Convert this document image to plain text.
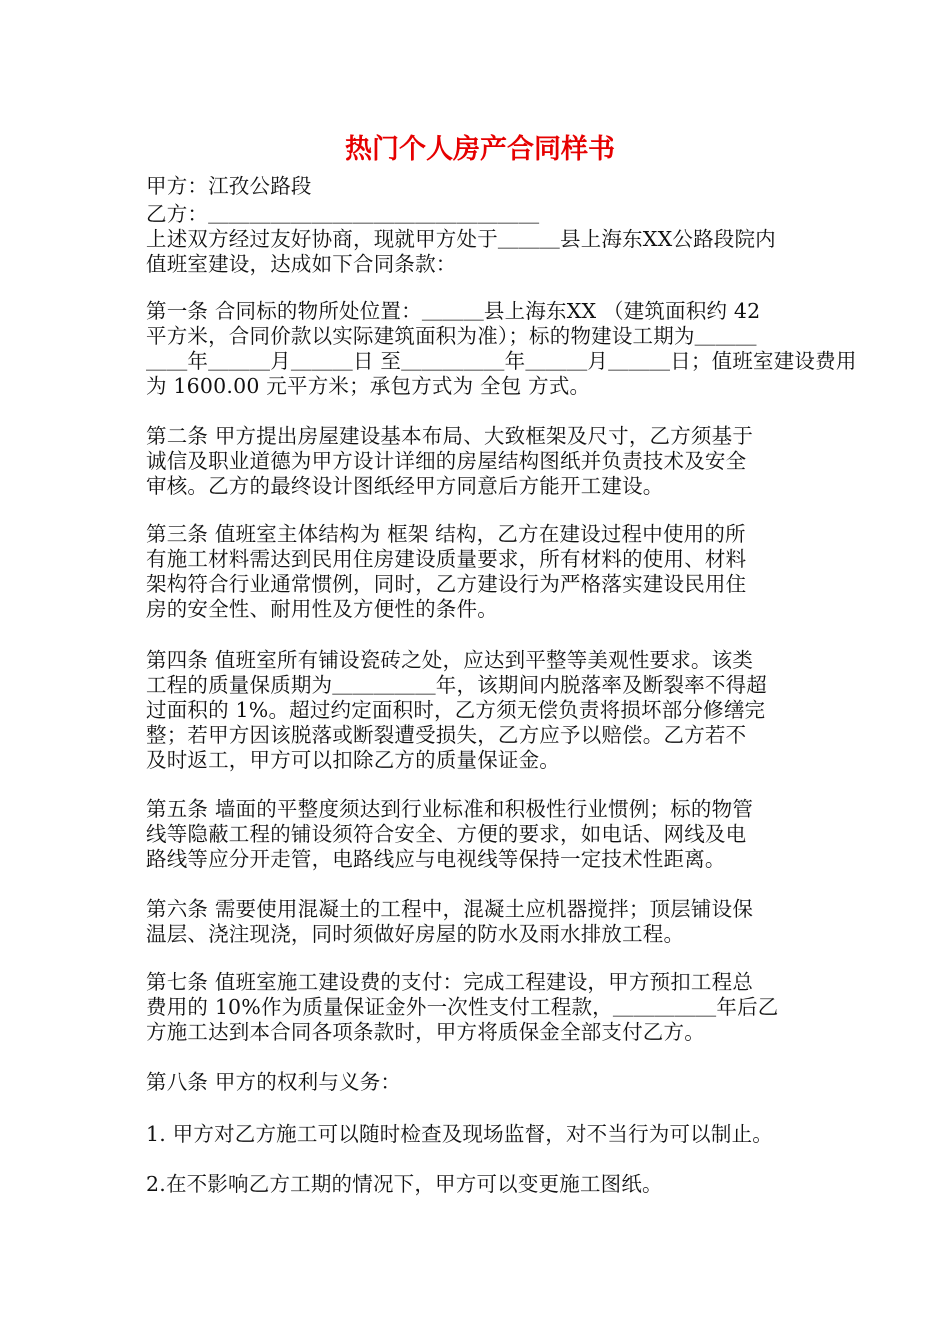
热门个人房产合同样书
甲方：江孜公路段
乙方：＿＿＿＿＿＿＿＿＿＿＿＿＿＿＿＿
上述双方经过友好协商，现就甲方处于＿＿＿县上海东XX公路段院内
值班室建设，达成如下合同条款：
第一条 合同标的物所处位置：＿＿＿县上海东XX （建筑面积约 42
平方米，合同价款以实际建筑面积为准）；标的物建设工期为＿＿＿
＿＿年＿＿＿月＿＿＿日 至＿＿＿＿＿年＿＿＿月＿＿＿日；值班室建设费用
为 1600.00 元平方米；承包方式为 全包 方式。
第二条 甲方提出房屋建设基本布局、大致框架及尺寸，乙方须基于
诚信及职业道德为甲方设计详细的房屋结构图纸并负责技术及安全
审核。乙方的最终设计图纸经甲方同意后方能开工建设。
第三条 值班室主体结构为 框架 结构，乙方在建设过程中使用的所
有施工材料需达到民用住房建设质量要求，所有材料的使用、材料
架构符合行业通常惯例，同时，乙方建设行为严格落实建设民用住
房的安全性、耐用性及方便性的条件。
第四条 值班室所有铺设瓷砖之处，应达到平整等美观性要求。该类
工程的质量保质期为＿＿＿＿＿年，该期间内脱落率及断裂率不得超
过面积的 1%。超过约定面积时，乙方须无偿负责将损坏部分修缮完
整；若甲方因该脱落或断裂遭受损失，乙方应予以赔偿。乙方若不
及时返工，甲方可以扣除乙方的质量保证金。
第五条 墙面的平整度须达到行业标准和积极性行业惯例；标的物管
线等隐蔽工程的铺设须符合安全、方便的要求，如电话、网线及电
路线等应分开走管，电路线应与电视线等保持一定技术性距离。
第六条 需要使用混凝土的工程中，混凝土应机器搅拌；顶层铺设保
温层、浇注现浇，同时须做好房屋的防水及雨水排放工程。
第七条 值班室施工建设费的支付：完成工程建设，甲方预扣工程总
费用的 10%作为质量保证金外一次性支付工程款，＿＿＿＿＿年后乙
方施工达到本合同各项条款时，甲方将质保金全部支付乙方。
第八条 甲方的权利与义务：
1. 甲方对乙方施工可以随时检查及现场监督，对不当行为可以制止。
2.在不影响乙方工期的情况下，甲方可以变更施工图纸。
